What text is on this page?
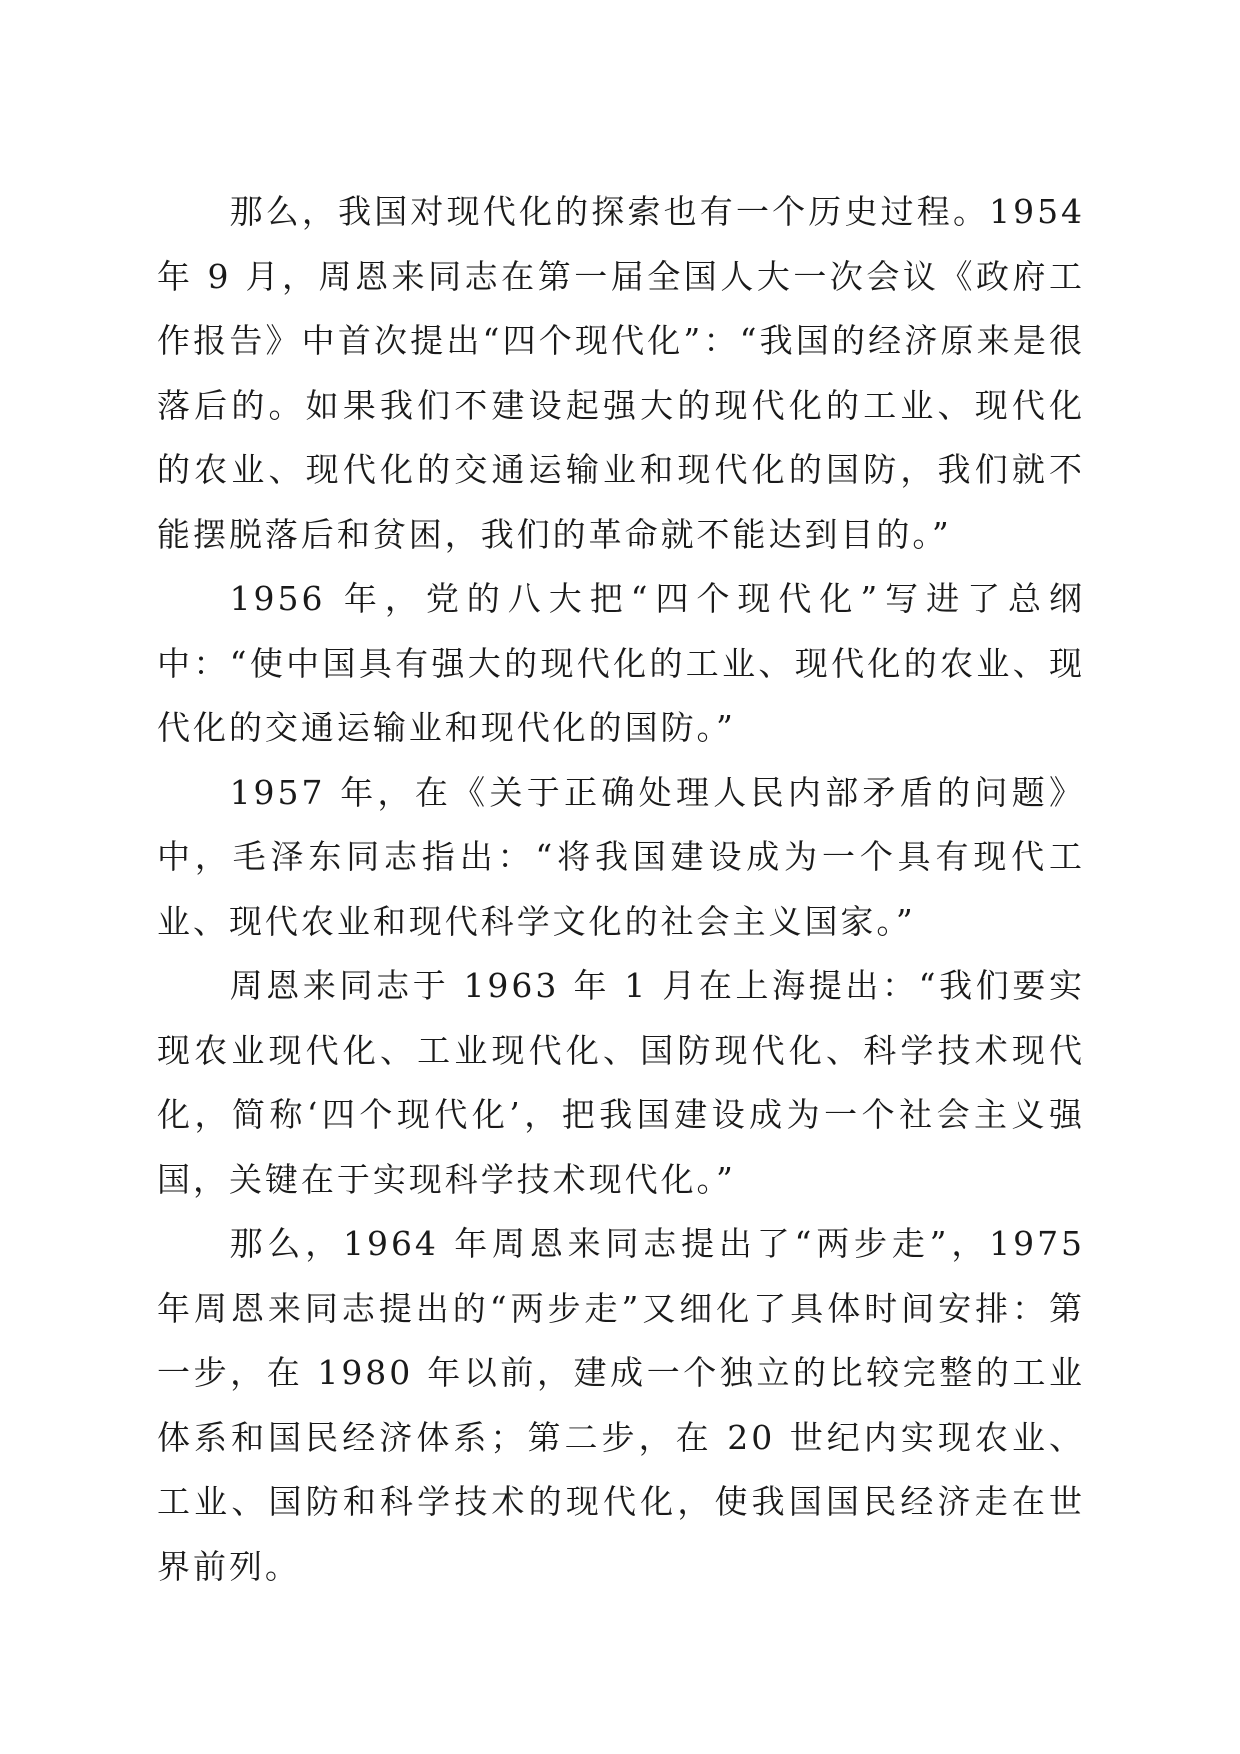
那么，我国对现代化的探索也有一个历史过程。1954 年 9 月，周恩来同志在第一届全国人大一次会议《政府工作报告》中首次提出“四个现代化”：“我国的经济原来是很落后的。如果我们不建设起强大的现代化的工业、现代化的农业、现代化的交通运输业和现代化的国防，我们就不能摆脱落后和贫困，我们的革命就不能达到目的。”

1956 年，党的八大把“四个现代化”写进了总纲中：“使中国具有强大的现代化的工业、现代化的农业、现代化的交通运输业和现代化的国防。”

1957 年，在《关于正确处理人民内部矛盾的问题》中，毛泽东同志指出：“将我国建设成为一个具有现代工业、现代农业和现代科学文化的社会主义国家。”

周恩来同志于 1963 年 1 月在上海提出：“我们要实现农业现代化、工业现代化、国防现代化、科学技术现代化，简称‘四个现代化’，把我国建设成为一个社会主义强国，关键在于实现科学技术现代化。”

那么，1964 年周恩来同志提出了“两步走”，1975 年周恩来同志提出的“两步走”又细化了具体时间安排：第一步，在 1980 年以前，建成一个独立的比较完整的工业体系和国民经济体系；第二步，在 20 世纪内实现农业、工业、国防和科学技术的现代化，使我国国民经济走在世界前列。
